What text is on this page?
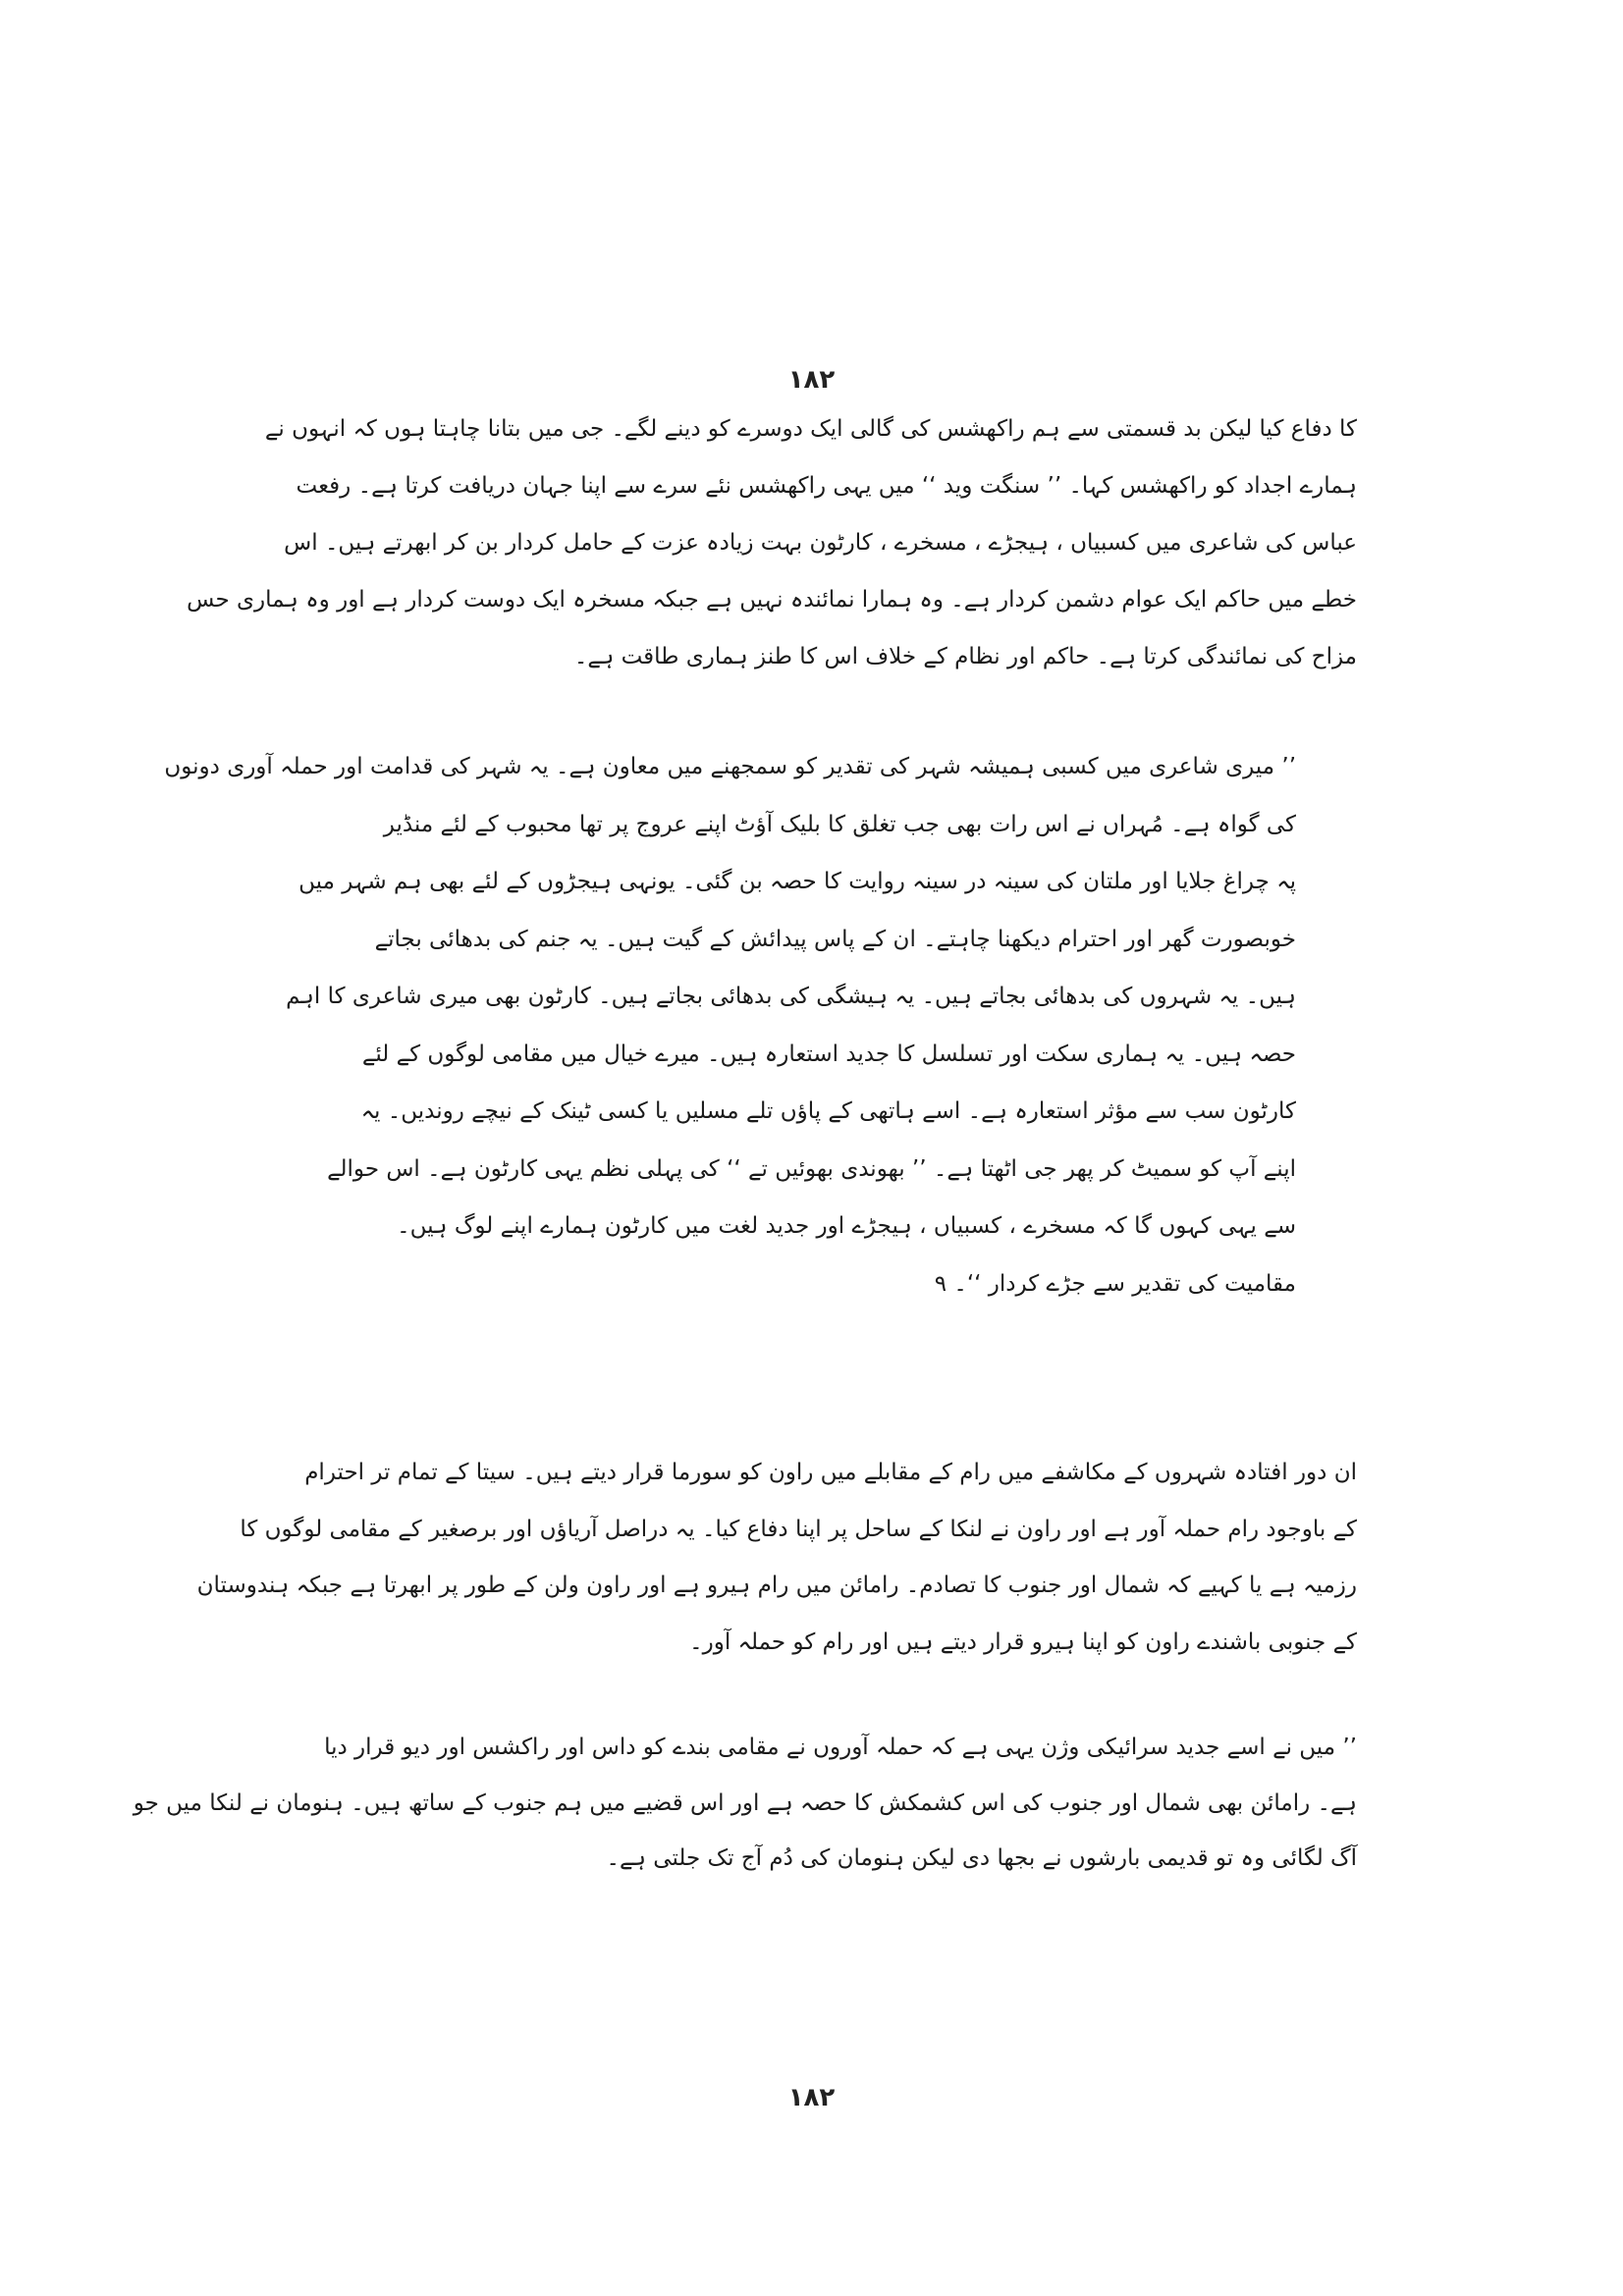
۱۸۲
کا دفاع کیا لیکن بد قسمتی سے ہم راکھشس کی گالی ایک دوسرے کو دینے لگے۔ جی میں بتانا چاہتا ہوں کہ انہوں نے
ہمارے اجداد کو راکھشس کہا۔ ’’ سنگت وید ‘‘ میں یہی راکھشس نئے سرے سے اپنا جہان دریافت کرتا ہے۔ رفعت
عباس کی شاعری میں کسبیاں ، ہیجڑے ، مسخرے ، کارٹون بہت زیادہ عزت کے حامل کردار بن کر ابھرتے ہیں۔ اس
خطے میں حاکم ایک عوام دشمن کردار ہے۔ وہ ہمارا نمائندہ نہیں ہے جبکہ مسخرہ ایک دوست کردار ہے اور وہ ہماری حس
مزاح کی نمائندگی کرتا ہے۔ حاکم اور نظام کے خلاف اس کا طنز ہماری طاقت ہے۔
’’ میری شاعری میں کسبی ہمیشہ شہر کی تقدیر کو سمجھنے میں معاون ہے۔ یہ شہر کی قدامت اور حملہ آوری دونوں
کی گواہ ہے۔ مُہراں نے اس رات بھی جب تغلق کا بلیک آؤٹ اپنے عروج پر تھا محبوب کے لئے منڈیر
پہ چراغ جلایا اور ملتان کی سینہ در سینہ روایت کا حصہ بن گئی۔ یونہی ہیجڑوں کے لئے بھی ہم شہر میں
خوبصورت گھر اور احترام دیکھنا چاہتے۔ ان کے پاس پیدائش کے گیت ہیں۔ یہ جنم کی بدھائی بجاتے
ہیں۔ یہ شہروں کی بدھائی بجاتے ہیں۔ یہ ہیشگی کی بدھائی بجاتے ہیں۔ کارٹون بھی میری شاعری کا اہم
حصہ ہیں۔ یہ ہماری سکت اور تسلسل کا جدید استعارہ ہیں۔ میرے خیال میں مقامی لوگوں کے لئے
کارٹون سب سے مؤثر استعارہ ہے۔ اسے ہاتھی کے پاؤں تلے مسلیں یا کسی ٹینک کے نیچے روندیں۔ یہ
اپنے آپ کو سمیٹ کر پھر جی اٹھتا ہے۔ ’’ بھوندی بھوئیں تے ‘‘ کی پہلی نظم یہی کارٹون ہے۔ اس حوالے
سے یہی کہوں گا کہ مسخرے ، کسبیاں ، ہیجڑے اور جدید لغت میں کارٹون ہمارے اپنے لوگ ہیں۔
مقامیت کی تقدیر سے جڑے کردار ‘‘۔ ۹
ان دور افتادہ شہروں کے مکاشفے میں رام کے مقابلے میں راون کو سورما قرار دیتے ہیں۔ سیتا کے تمام تر احترام
کے باوجود رام حملہ آور ہے اور راون نے لنکا کے ساحل پر اپنا دفاع کیا۔ یہ دراصل آریاؤں اور برصغیر کے مقامی لوگوں کا
رزمیہ ہے یا کہیے کہ شمال اور جنوب کا تصادم۔ رامائن میں رام ہیرو ہے اور راون ولن کے طور پر ابھرتا ہے جبکہ ہندوستان
کے جنوبی باشندے راون کو اپنا ہیرو قرار دیتے ہیں اور رام کو حملہ آور۔
’’ میں نے اسے جدید سرائیکی وژن یہی ہے کہ حملہ آوروں نے مقامی بندے کو داس اور راکشس اور دیو قرار دیا
ہے۔ رامائن بھی شمال اور جنوب کی اس کشمکش کا حصہ ہے اور اس قضیے میں ہم جنوب کے ساتھ ہیں۔ ہنومان نے لنکا میں جو
آگ لگائی وہ تو قدیمی بارشوں نے بجھا دی لیکن ہنومان کی دُم آج تک جلتی ہے۔
۱۸۲
